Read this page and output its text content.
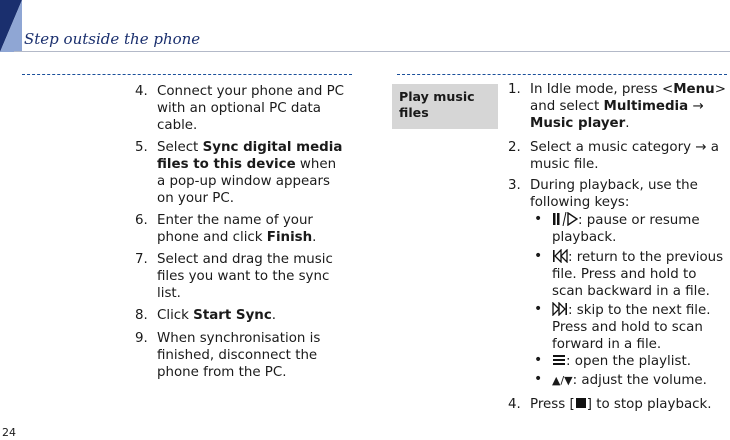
Step outside the phone
4. Connect your phone and PC
with an optional PC data
cable.
5. Select Sync digital media
files to this device when
a pop-up window appears
on your PC.
6. Enter the name of your
phone and click Finish.
7. Select and drag the music
files you want to the sync
list.
8. Click Start Sync.
9. When synchronisation is
finished, disconnect the
phone from the PC.
Play music
files
1. In Idle mode, press <Menu>
and select Multimedia →
Music player.
2. Select a music category → a
music file.
3. During playback, use the
following keys:
•	: pause or resume
playback.
•	: return to the previous
file. Press and hold to
scan backward in a file.
•	: skip to the next file.
Press and hold to scan
forward in a file.
•	: open the playlist.
• ▲/▼: adjust the volume.
4. Press [ ] to stop playback.
24
